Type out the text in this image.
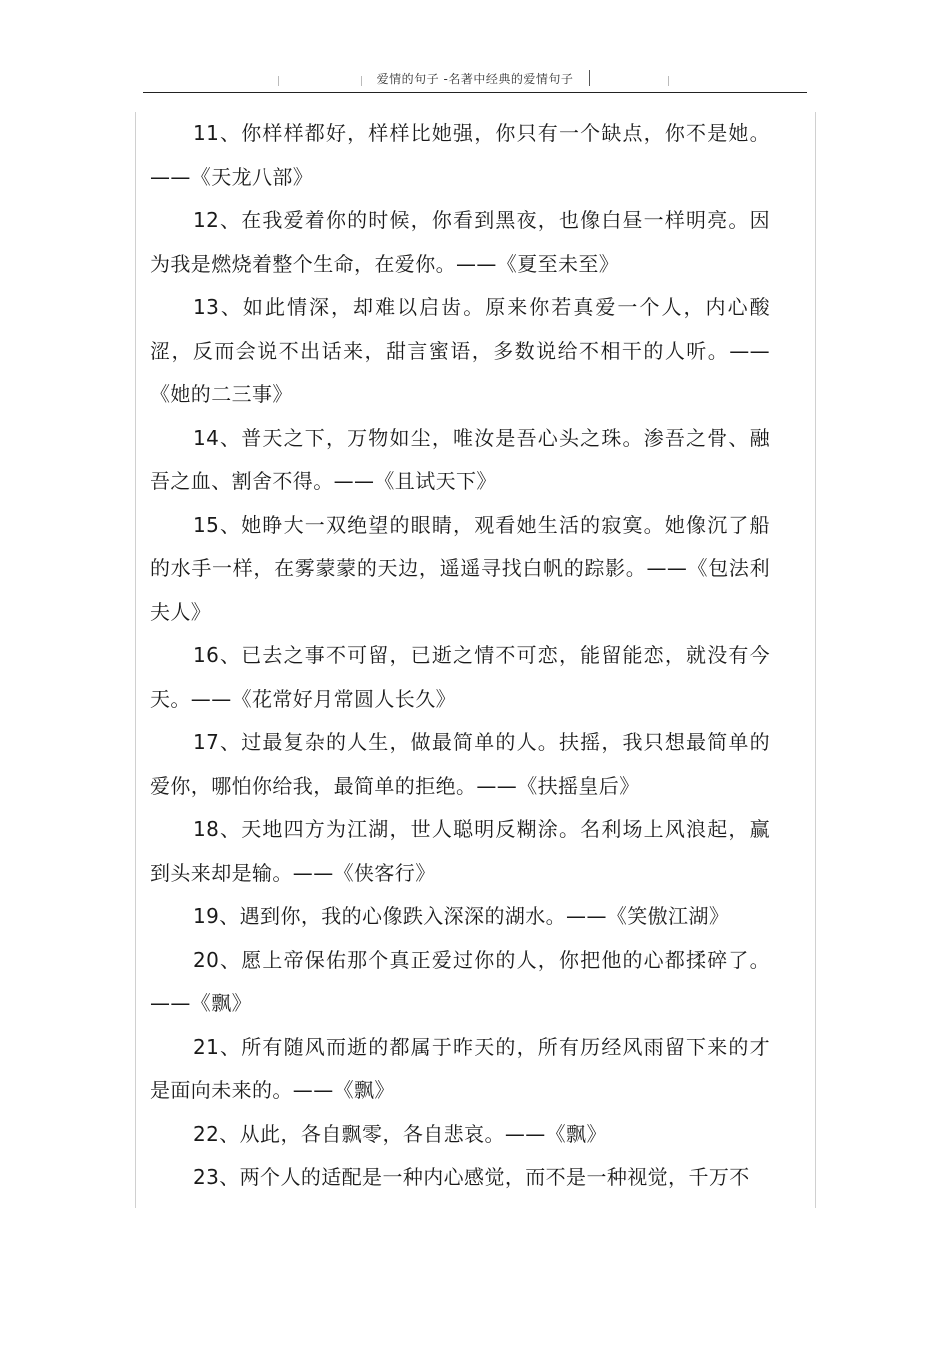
爱情的句子 -名著中经典的爱情句子

11、你样样都好，样样比她强，你只有一个缺点，你不是她。——《天龙八部》

12、在我爱着你的时候，你看到黑夜，也像白昼一样明亮。因为我是燃烧着整个生命，在爱你。——《夏至未至》

13、如此情深，却难以启齿。原来你若真爱一个人，内心酸涩，反而会说不出话来，甜言蜜语，多数说给不相干的人听。——《她的二三事》

14、普天之下，万物如尘，唯汝是吾心头之珠。渗吾之骨、融吾之血、割舍不得。——《且试天下》

15、她睁大一双绝望的眼睛，观看她生活的寂寞。她像沉了船的水手一样，在雾蒙蒙的天边，遥遥寻找白帆的踪影。——《包法利夫人》

16、已去之事不可留，已逝之情不可恋，能留能恋，就没有今天。——《花常好月常圆人长久》

17、过最复杂的人生，做最简单的人。扶摇，我只想最简单的爱你，哪怕你给我，最简单的拒绝。——《扶摇皇后》

18、天地四方为江湖，世人聪明反糊涂。名利场上风浪起，赢到头来却是输。——《侠客行》

19、遇到你，我的心像跌入深深的湖水。——《笑傲江湖》

20、愿上帝保佑那个真正爱过你的人，你把他的心都揉碎了。——《飘》

21、所有随风而逝的都属于昨天的，所有历经风雨留下来的才是面向未来的。——《飘》

22、从此，各自飘零，各自悲哀。——《飘》

23、两个人的适配是一种内心感觉，而不是一种视觉，千万不
